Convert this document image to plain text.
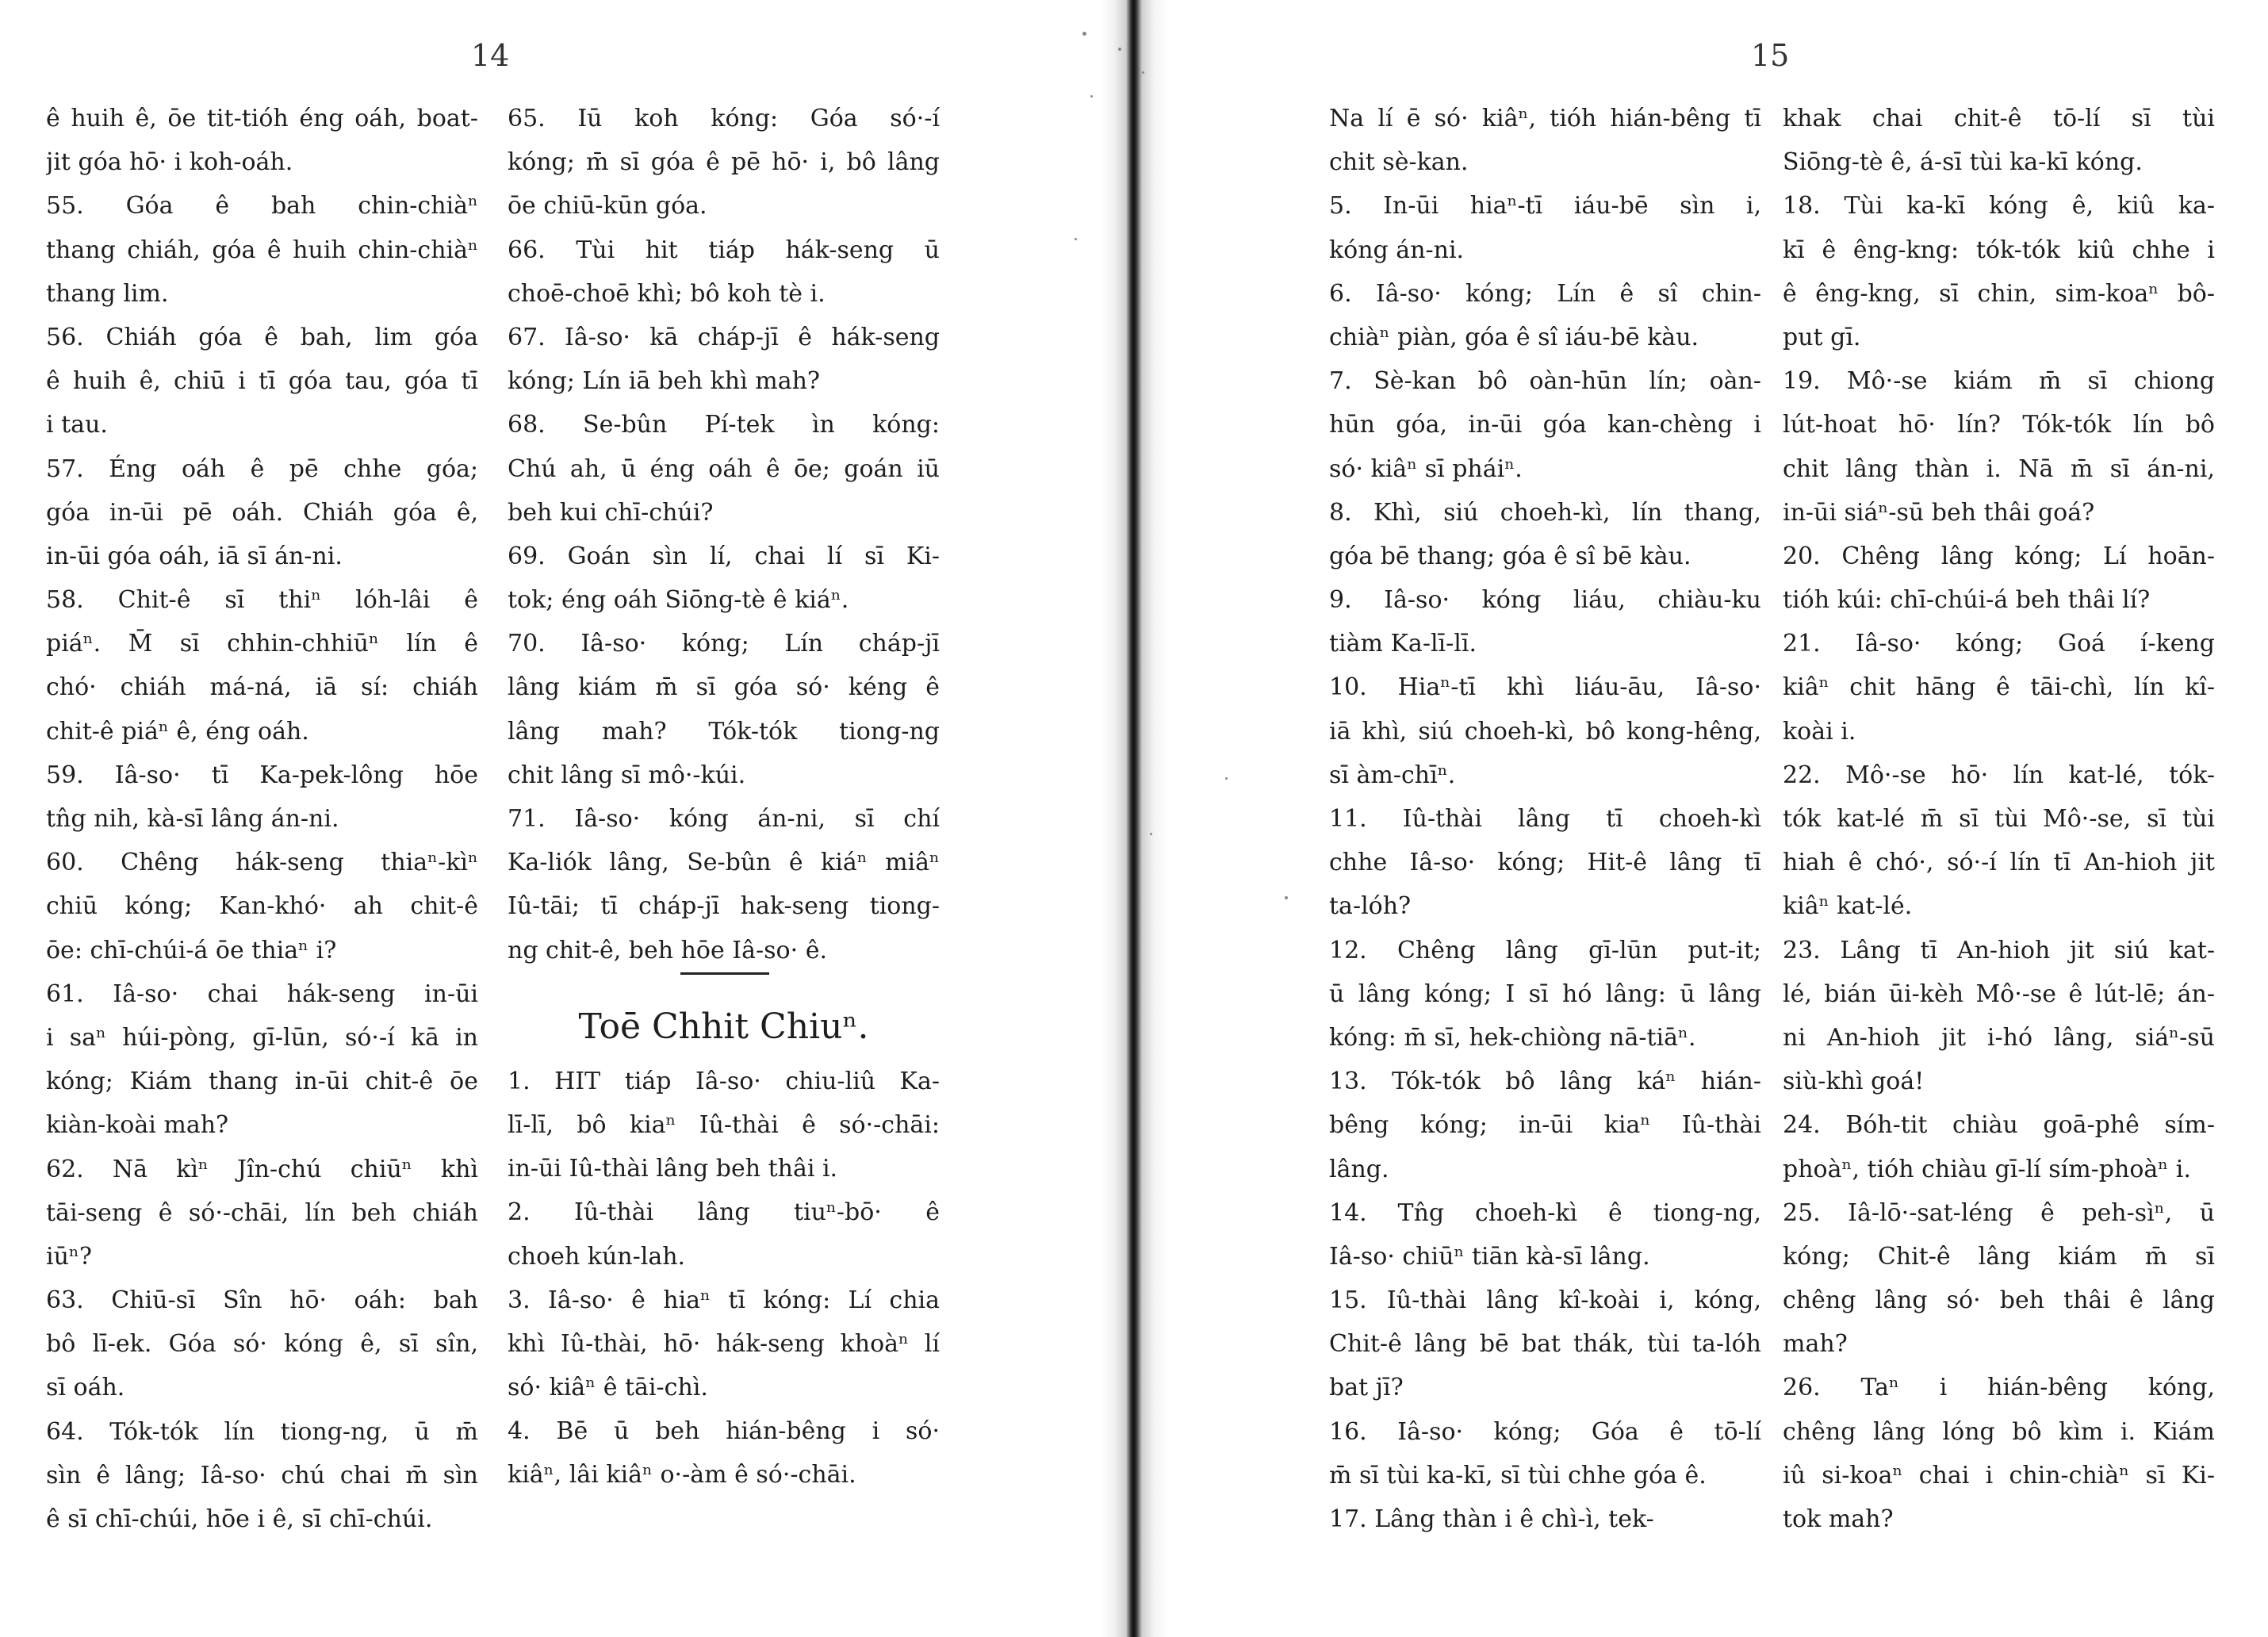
14
ê huih ê, ōe tit-tióh éng oáh, boat-
jit góa hō· i koh-oáh.
55. Góa ê bah chin-chiàⁿ
thang chiáh, góa ê huih chin-chiàⁿ
thang lim.
56. Chiáh góa ê bah, lim góa
ê huih ê, chiū i tī góa tau, góa tī
i tau.
57. Éng oáh ê pē chhe góa;
góa in-ūi pē oáh. Chiáh góa ê,
in-ūi góa oáh, iā sī án-ni.
58. Chit-ê sī thiⁿ lóh-lâi ê
piáⁿ. M̄ sī chhin-chhiūⁿ lín ê
chó· chiáh má-ná, iā sí: chiáh
chit-ê piáⁿ ê, éng oáh.
59. Iâ-so· tī Ka-pek-lông hōe
tn̂g nih, kà-sī lâng án-ni.
60. Chêng hák-seng thiaⁿ-kìⁿ
chiū kóng; Kan-khó· ah chit-ê
ōe: chī-chúi-á ōe thiaⁿ i?
61. Iâ-so· chai hák-seng in-ūi
i saⁿ húi-pòng, gī-lūn, só·-í kā in
kóng; Kiám thang in-ūi chit-ê ōe
kiàn-koài mah?
62. Nā kìⁿ Jîn-chú chiūⁿ khì
tāi-seng ê só·-chāi, lín beh chiáh
iūⁿ?
63. Chiū-sī Sîn hō· oáh: bah
bô lī-ek. Góa só· kóng ê, sī sîn,
sī oáh.
64. Tók-tók lín tiong-ng, ū m̄
sìn ê lâng; Iâ-so· chú chai m̄ sìn
ê sī chī-chúi, hōe i ê, sī chī-chúi.
65. Iū koh kóng: Góa só·-í
kóng; m̄ sī góa ê pē hō· i, bô lâng
ōe chiū-kūn góa.
66. Tùi hit tiáp hák-seng ū
choē-choē khì; bô koh tè i.
67. Iâ-so· kā cháp-jī ê hák-seng
kóng; Lín iā beh khì mah?
68. Se-bûn Pí-tek ìn kóng:
Chú ah, ū éng oáh ê ōe; goán iū
beh kui chī-chúi?
69. Goán sìn lí, chai lí sī Ki-
tok; éng oáh Siōng-tè ê kiáⁿ.
70. Iâ-so· kóng; Lín cháp-jī
lâng kiám m̄ sī góa só· kéng ê
lâng mah? Tók-tók tiong-ng
chit lâng sī mô·-kúi.
71. Iâ-so· kóng án-ni, sī chí
Ka-liók lâng, Se-bûn ê kiáⁿ miâⁿ
Iû-tāi; tī cháp-jī hak-seng tiong-
ng chit-ê, beh hōe Iâ-so· ê.
Toē Chhit Chiuⁿ.
1. HIT tiáp Iâ-so· chiu-liû Ka-
lī-lī, bô kiaⁿ Iû-thài ê só·-chāi:
in-ūi Iû-thài lâng beh thâi i.
2. Iû-thài lâng tiuⁿ-bō· ê
choeh kún-lah.
3. Iâ-so· ê hiaⁿ tī kóng: Lí chia
khì Iû-thài, hō· hák-seng khoàⁿ lí
só· kiâⁿ ê tāi-chì.
4. Bē ū beh hián-bêng i só·
kiâⁿ, lâi kiâⁿ o·-àm ê só·-chāi.
15
Na lí ē só· kiâⁿ, tióh hián-bêng tī
chit sè-kan.
5. In-ūi hiaⁿ-tī iáu-bē sìn i,
kóng án-ni.
6. Iâ-so· kóng; Lín ê sî chin-
chiàⁿ piàn, góa ê sî iáu-bē kàu.
7. Sè-kan bô oàn-hūn lín; oàn-
hūn góa, in-ūi góa kan-chèng i
só· kiâⁿ sī pháiⁿ.
8. Khì, siú choeh-kì, lín thang,
góa bē thang; góa ê sî bē kàu.
9. Iâ-so· kóng liáu, chiàu-ku
tiàm Ka-lī-lī.
10. Hiaⁿ-tī khì liáu-āu, Iâ-so·
iā khì, siú choeh-kì, bô kong-hêng,
sī àm-chīⁿ.
11. Iû-thài lâng tī choeh-kì
chhe Iâ-so· kóng; Hit-ê lâng tī
ta-lóh?
12. Chêng lâng gī-lūn put-it;
ū lâng kóng; I sī hó lâng: ū lâng
kóng: m̄ sī, hek-chiòng nā-tiāⁿ.
13. Tók-tók bô lâng káⁿ hián-
bêng kóng; in-ūi kiaⁿ Iû-thài
lâng.
14. Tn̂g choeh-kì ê tiong-ng,
Iâ-so· chiūⁿ tiān kà-sī lâng.
15. Iû-thài lâng kî-koài i, kóng,
Chit-ê lâng bē bat thák, tùi ta-lóh
bat jī?
16. Iâ-so· kóng; Góa ê tō-lí
m̄ sī tùi ka-kī, sī tùi chhe góa ê.
17. Lâng thàn i ê chì-ì, tek-
khak chai chit-ê tō-lí sī tùi
Siōng-tè ê, á-sī tùi ka-kī kóng.
18. Tùi ka-kī kóng ê, kiû ka-
kī ê êng-kng: tók-tók kiû chhe i
ê êng-kng, sī chin, sim-koaⁿ bô-
put gī.
19. Mô·-se kiám m̄ sī chiong
lút-hoat hō· lín? Tók-tók lín bô
chit lâng thàn i. Nā m̄ sī án-ni,
in-ūi siáⁿ-sū beh thâi goá?
20. Chêng lâng kóng; Lí hoān-
tióh kúi: chī-chúi-á beh thâi lí?
21. Iâ-so· kóng; Goá í-keng
kiâⁿ chit hāng ê tāi-chì, lín kî-
koài i.
22. Mô·-se hō· lín kat-lé, tók-
tók kat-lé m̄ sī tùi Mô·-se, sī tùi
hiah ê chó·, só·-í lín tī An-hioh jit
kiâⁿ kat-lé.
23. Lâng tī An-hioh jit siú kat-
lé, bián ūi-kèh Mô·-se ê lút-lē; án-
ni An-hioh jit i-hó lâng, siáⁿ-sū
siù-khì goá!
24. Bóh-tit chiàu goā-phê sím-
phoàⁿ, tióh chiàu gī-lí sím-phoàⁿ i.
25. Iâ-lō·-sat-léng ê peh-sìⁿ, ū
kóng; Chit-ê lâng kiám m̄ sī
chêng lâng só· beh thâi ê lâng
mah?
26. Taⁿ i hián-bêng kóng,
chêng lâng lóng bô kìm i. Kiám
iû si-koaⁿ chai i chin-chiàⁿ sī Ki-
tok mah?
